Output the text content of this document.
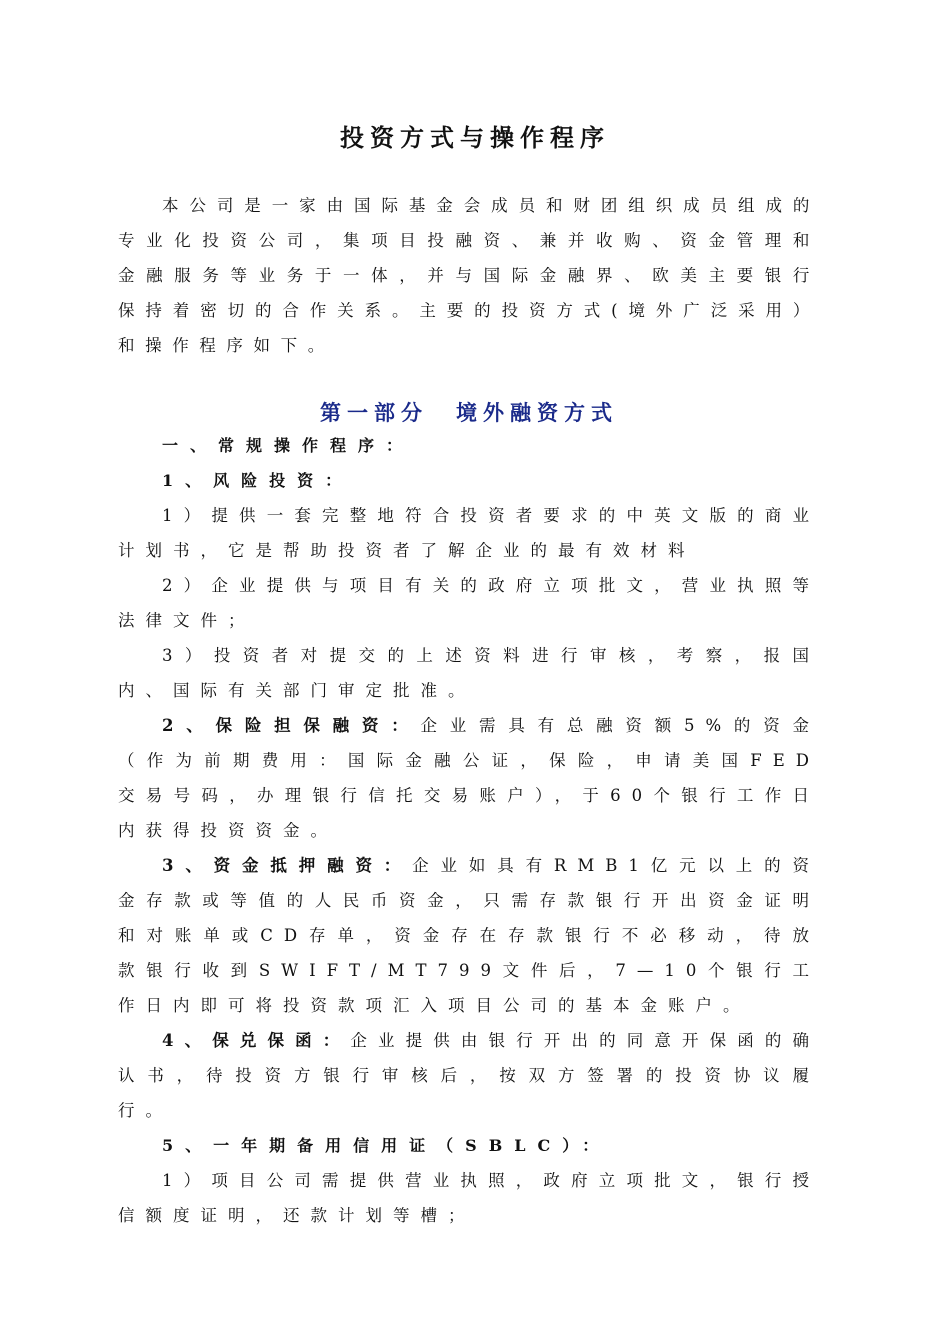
投资方式与操作程序

本公司是一家由国际基金会成员和财团组织成员组成的专业化投资公司，集项目投融资、兼并收购、资金管理和金融服务等业务于一体，并与国际金融界、欧美主要银行保持着密切的合作关系。主要的投资方式(境外广泛采用）和操作程序如下。

第一部分 境外融资方式

一、常规操作程序：

1、风险投资：

1）提供一套完整地符合投资者要求的中英文版的商业计划书，它是帮助投资者了解企业的最有效材料

2）企业提供与项目有关的政府立项批文，营业执照等法律文件；

3）投资者对提交的上述资料进行审核，考察，报国内、国际有关部门审定批准。

2、保险担保融资：企业需具有总融资额5%的资金（作为前期费用：国际金融公证，保险，申请美国FED交易号码，办理银行信托交易账户），于60个银行工作日内获得投资资金。

3、资金抵押融资：企业如具有RMB1亿元以上的资金存款或等值的人民币资金，只需存款银行开出资金证明和对账单或CD存单，资金存在存款银行不必移动，待放款银行收到SWIFT/MT799文件后，7—10个银行工作日内即可将投资款项汇入项目公司的基本金账户。

4、保兑保函：企业提供由银行开出的同意开保函的确认书，待投资方银行审核后，按双方签署的投资协议履行。

5、一年期备用信用证（SBLC）：

1）项目公司需提供营业执照，政府立项批文，银行授信额度证明，还款计划等槽；
